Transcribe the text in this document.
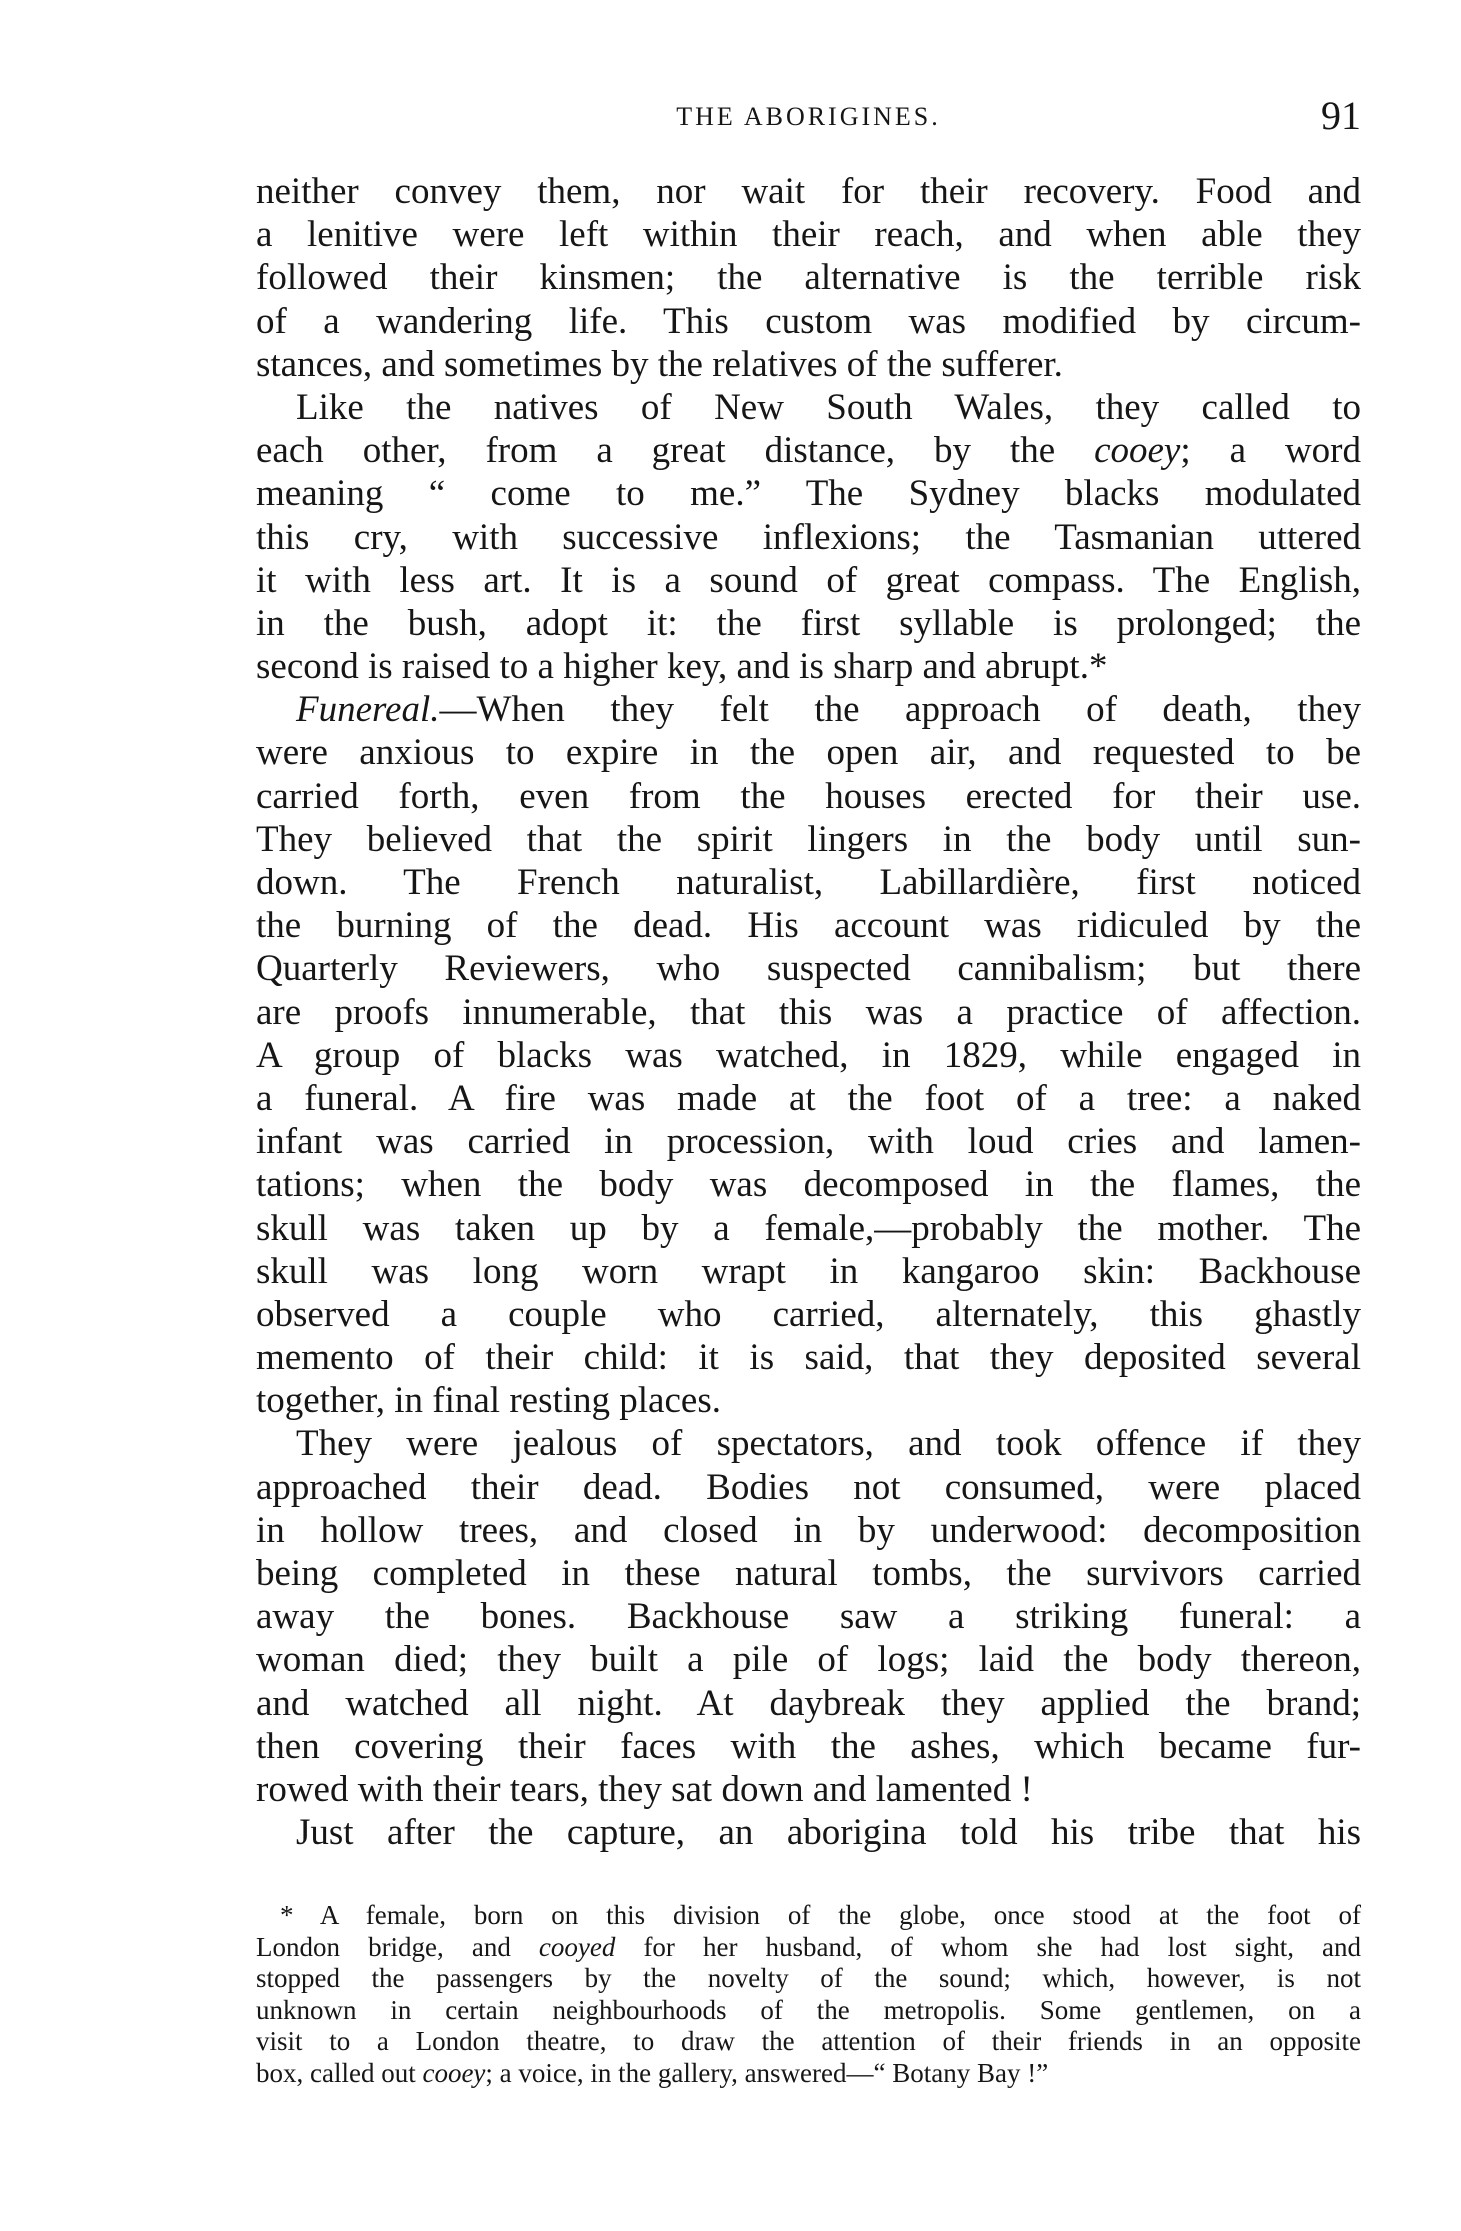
THE ABORIGINES.	91
neither convey them, nor wait for their recovery. Food and
a lenitive were left within their reach, and when able they
followed their kinsmen; the alternative is the terrible risk
of a wandering life. This custom was modified by circum-
stances, and sometimes by the relatives of the sufferer.
Like the natives of New South Wales, they called to
each other, from a great distance, by the cooey; a word
meaning “ come to me.” The Sydney blacks modulated
this cry, with successive inflexions; the Tasmanian uttered
it with less art. It is a sound of great compass. The English,
in the bush, adopt it: the first syllable is prolonged; the
second is raised to a higher key, and is sharp and abrupt.*
Funereal.—When they felt the approach of death, they
were anxious to expire in the open air, and requested to be
carried forth, even from the houses erected for their use.
They believed that the spirit lingers in the body until sun-
down. The French naturalist, Labillardière, first noticed
the burning of the dead. His account was ridiculed by the
Quarterly Reviewers, who suspected cannibalism; but there
are proofs innumerable, that this was a practice of affection.
A group of blacks was watched, in 1829, while engaged in
a funeral. A fire was made at the foot of a tree: a naked
infant was carried in procession, with loud cries and lamen-
tations; when the body was decomposed in the flames, the
skull was taken up by a female,—probably the mother. The
skull was long worn wrapt in kangaroo skin: Backhouse
observed a couple who carried, alternately, this ghastly
memento of their child: it is said, that they deposited several
together, in final resting places.
They were jealous of spectators, and took offence if they
approached their dead. Bodies not consumed, were placed
in hollow trees, and closed in by underwood: decomposition
being completed in these natural tombs, the survivors carried
away the bones. Backhouse saw a striking funeral: a
woman died; they built a pile of logs; laid the body thereon,
and watched all night. At daybreak they applied the brand;
then covering their faces with the ashes, which became fur-
rowed with their tears, they sat down and lamented !
Just after the capture, an aborigina told his tribe that his
* A female, born on this division of the globe, once stood at the foot of
London bridge, and cooyed for her husband, of whom she had lost sight, and
stopped the passengers by the novelty of the sound; which, however, is not
unknown in certain neighbourhoods of the metropolis. Some gentlemen, on a
visit to a London theatre, to draw the attention of their friends in an opposite
box, called out cooey; a voice, in the gallery, answered—“ Botany Bay !”
